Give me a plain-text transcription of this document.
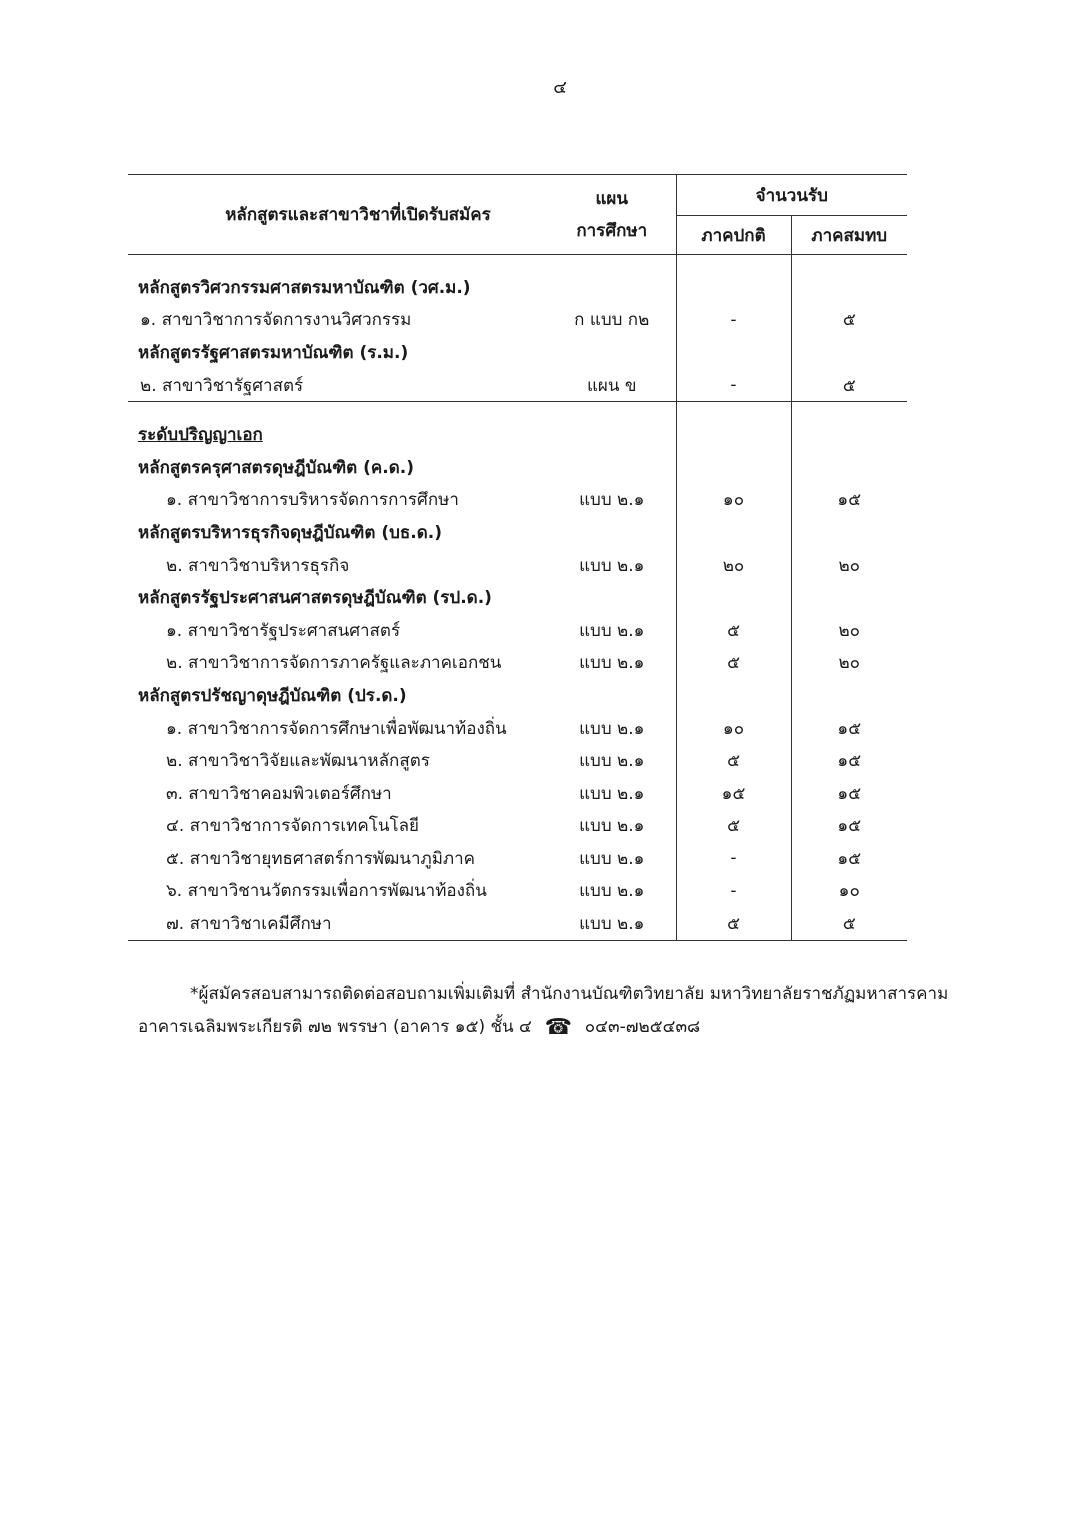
๔
หลักสูตรและสาขาวิชาที่เปิดรับสมัคร	แผน
การศึกษา	จำนวนรับ	
		ภาคปกติ	ภาคสมทบ

หลักสูตรวิศวกรรมศาสตรมหาบัณฑิต (วศ.ม.)			
๑. สาขาวิชาการจัดการงานวิศวกรรม	ก แบบ ก๒	-	๕
หลักสูตรรัฐศาสตรมหาบัณฑิต (ร.ม.)			
๒. สาขาวิชารัฐศาสตร์	แผน ข	-	๕

ระดับปริญญาเอก			
หลักสูตรครุศาสตรดุษฎีบัณฑิต (ค.ด.)			
๑. สาขาวิชาการบริหารจัดการการศึกษา	แบบ ๒.๑	๑๐	๑๕
หลักสูตรบริหารธุรกิจดุษฎีบัณฑิต (บธ.ด.)			
๒. สาขาวิชาบริหารธุรกิจ	แบบ ๒.๑	๒๐	๒๐
หลักสูตรรัฐประศาสนศาสตรดุษฎีบัณฑิต (รป.ด.)			
๑. สาขาวิชารัฐประศาสนศาสตร์	แบบ ๒.๑	๕	๒๐
๒. สาขาวิชาการจัดการภาครัฐและภาคเอกชน	แบบ ๒.๑	๕	๒๐
หลักสูตรปรัชญาดุษฎีบัณฑิต (ปร.ด.)			
๑. สาขาวิชาการจัดการศึกษาเพื่อพัฒนาท้องถิ่น	แบบ ๒.๑	๑๐	๑๕
๒. สาขาวิชาวิจัยและพัฒนาหลักสูตร	แบบ ๒.๑	๕	๑๕
๓. สาขาวิชาคอมพิวเตอร์ศึกษา	แบบ ๒.๑	๑๕	๑๕
๔. สาขาวิชาการจัดการเทคโนโลยี	แบบ ๒.๑	๕	๑๕
๕. สาขาวิชายุทธศาสตร์การพัฒนาภูมิภาค	แบบ ๒.๑	-	๑๕
๖. สาขาวิชานวัตกรรมเพื่อการพัฒนาท้องถิ่น	แบบ ๒.๑	-	๑๐
๗. สาขาวิชาเคมีศึกษา	แบบ ๒.๑	๕	๕
*ผู้สมัครสอบสามารถติดต่อสอบถามเพิ่มเติมที่ สำนักงานบัณฑิตวิทยาลัย มหาวิทยาลัยราชภัฏมหาสารคาม
อาคารเฉลิมพระเกียรติ ๗๒ พรรษา (อาคาร ๑๕) ชั้น ๔ ☎ ๐๔๓-๗๒๕๔๓๘
